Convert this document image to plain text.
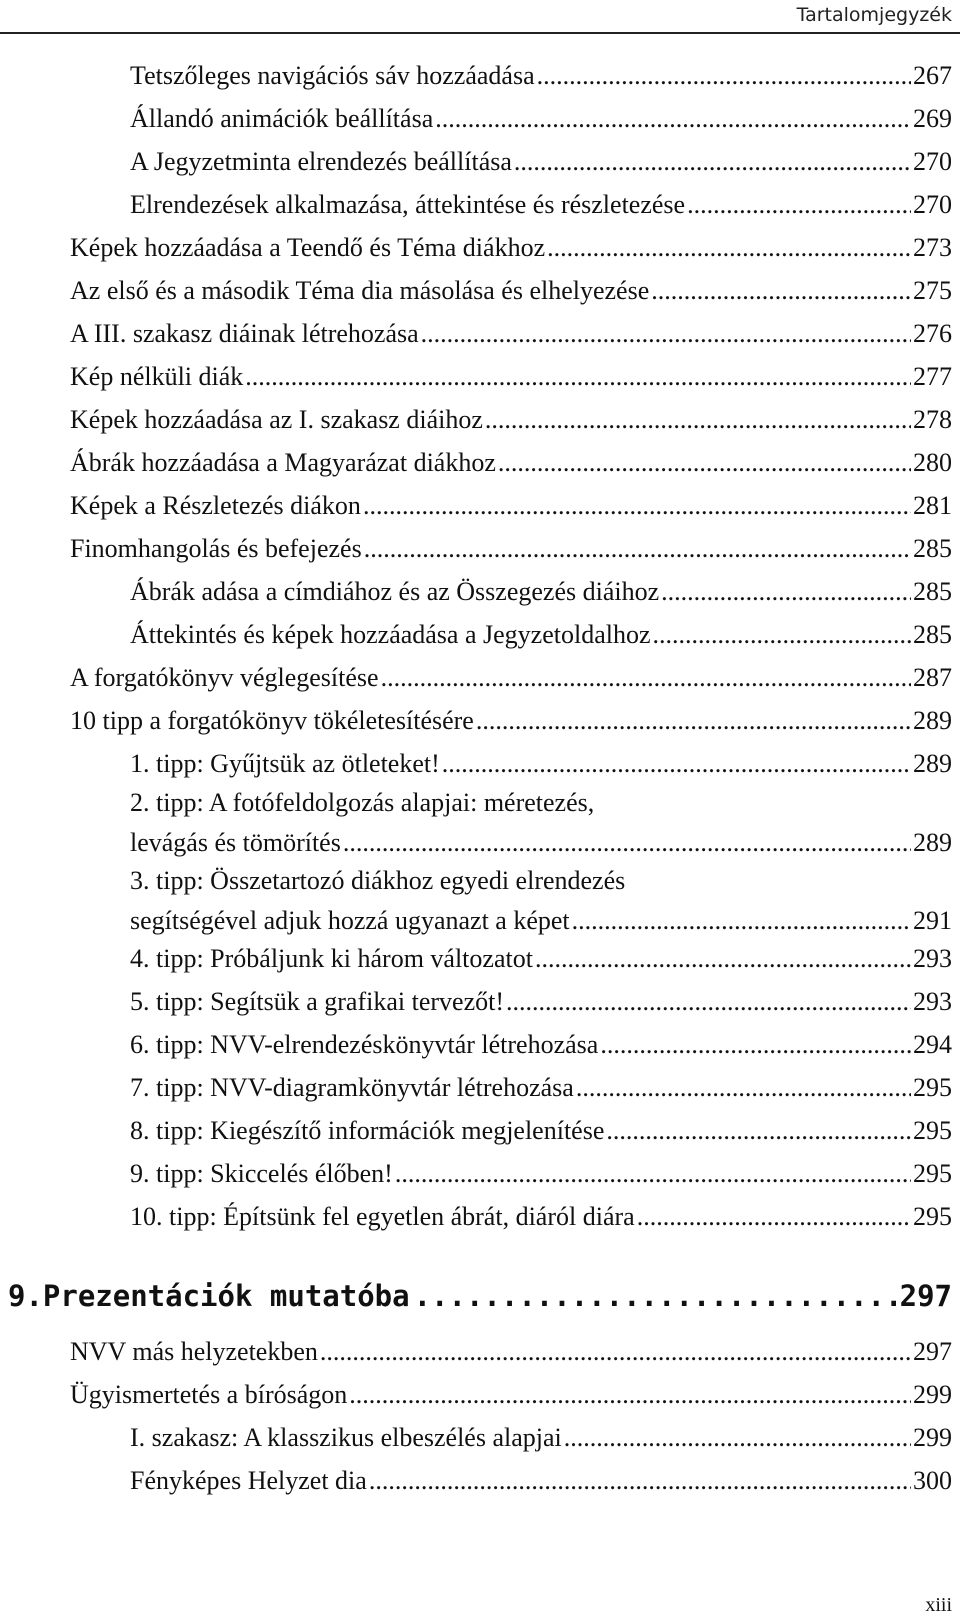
Tartalomjegyzék
Tetszőleges navigációs sáv hozzáadása .....	267
Állandó animációk beállítása .....	269
A Jegyzetminta elrendezés beállítása .....	270
Elrendezések alkalmazása, áttekintése és részletezése .....	270
Képek hozzáadása a Teendő és Téma diákhoz .....	273
Az első és a második Téma dia másolása és elhelyezése .....	275
A III. szakasz diáinak létrehozása .....	276
Kép nélküli diák .....	277
Képek hozzáadása az I. szakasz diáihoz .....	278
Ábrák hozzáadása a Magyarázat diákhoz .....	280
Képek a Részletezés diákon .....	281
Finomhangolás és befejezés .....	285
Ábrák adása a címdiához és az Összegezés diáihoz .....	285
Áttekintés és képek hozzáadása a Jegyzetoldalhoz .....	285
A forgatókönyv véglegesítése .....	287
10 tipp a forgatókönyv tökéletesítésére .....	289
1. tipp: Gyűjtsük az ötleteket! .....	289
2. tipp: A fotófeldolgozás alapjai: méretezés,
levágás és tömörítés .....	289
3. tipp: Összetartozó diákhoz egyedi elrendezés
segítségével adjuk hozzá ugyanazt a képet .....	291
4. tipp: Próbáljunk ki három változatot .....	293
5. tipp: Segítsük a grafikai tervezőt! .....	293
6. tipp: NVV-elrendezéskönyvtár létrehozása .....	294
7. tipp: NVV-diagramkönyvtár létrehozása .....	295
8. tipp: Kiegészítő információk megjelenítése .....	295
9. tipp: Skiccelés élőben! .....	295
10. tipp: Építsünk fel egyetlen ábrát, diáról diára .....	295
9. Prezentációk mutatóba .....	297
NVV más helyzetekben .....	297
Ügyismertetés a bíróságon .....	299
I. szakasz: A klasszikus elbeszélés alapjai .....	299
Fényképes Helyzet dia .....	300
xiii
